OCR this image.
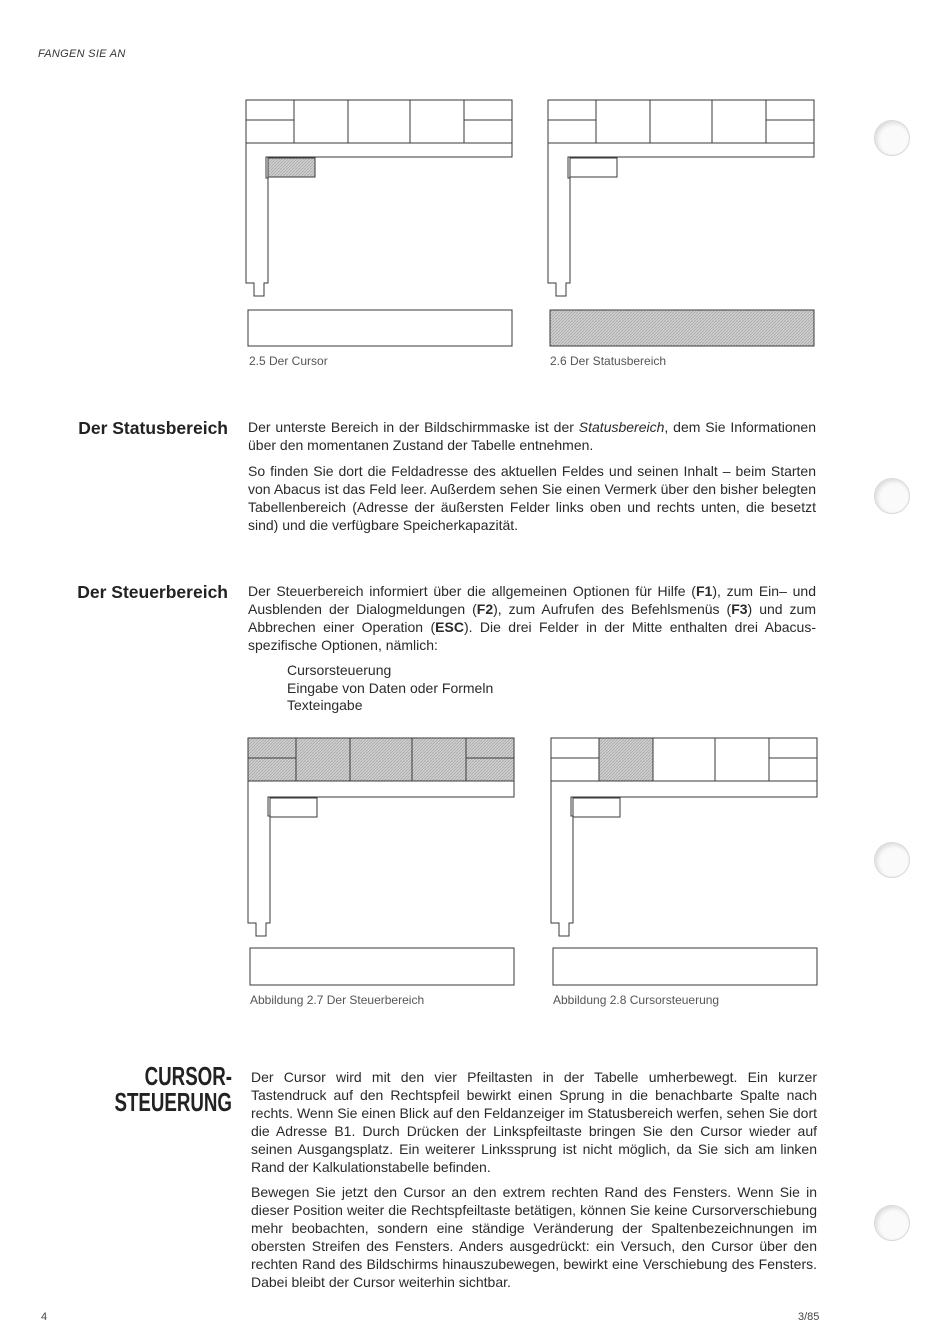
FANGEN SIE AN
2.5 Der Cursor	2.6 Der Statusbereich
Der Statusbereich Der unterste Bereich in der Bildschirmmaske ist der Statusbereich, dem Sie Informationen über den momentanen Zustand der Tabelle entnehmen.
So finden Sie dort die Feldadresse des aktuellen Feldes und seinen Inhalt – beim Starten von Abacus ist das Feld leer. Außerdem sehen Sie einen Vermerk über den bisher belegten Tabellenbereich (Adresse der äußersten Felder links oben und rechts unten, die besetzt sind) und die verfügbare Speicherkapazität.
Der Steuerbereich Der Steuerbereich informiert über die allgemeinen Optionen für Hilfe (F1), zum Ein– und Ausblenden der Dialogmeldungen (F2), zum Aufrufen des Befehlsmenüs (F3) und zum Abbrechen einer Operation (ESC). Die drei Felder in der Mitte enthalten drei Abacus-spezifische Optionen, nämlich:
Cursorsteuerung
Eingabe von Daten oder Formeln
Texteingabe
Abbildung 2.7 Der Steuerbereich	Abbildung 2.8 Cursorsteuerung
CURSOR-
STEUERUNG
Der Cursor wird mit den vier Pfeiltasten in der Tabelle umherbewegt. Ein kurzer Tastendruck auf den Rechtspfeil bewirkt einen Sprung in die benachbarte Spalte nach rechts. Wenn Sie einen Blick auf den Feldanzeiger im Statusbereich werfen, sehen Sie dort die Adresse B1. Durch Drücken der Linkspfeiltaste bringen Sie den Cursor wieder auf seinen Ausgangsplatz. Ein weiterer Linkssprung ist nicht möglich, da Sie sich am linken Rand der Kalkulationstabelle befinden.
Bewegen Sie jetzt den Cursor an den extrem rechten Rand des Fensters. Wenn Sie in dieser Position weiter die Rechtspfeiltaste betätigen, können Sie keine Cursorverschiebung mehr beobachten, sondern eine ständige Veränderung der Spaltenbezeichnungen im obersten Streifen des Fensters. Anders ausgedrückt: ein Versuch, den Cursor über den rechten Rand des Bildschirms hinauszubewegen, bewirkt eine Verschiebung des Fensters. Dabei bleibt der Cursor weiterhin sichtbar.
4	3/85
